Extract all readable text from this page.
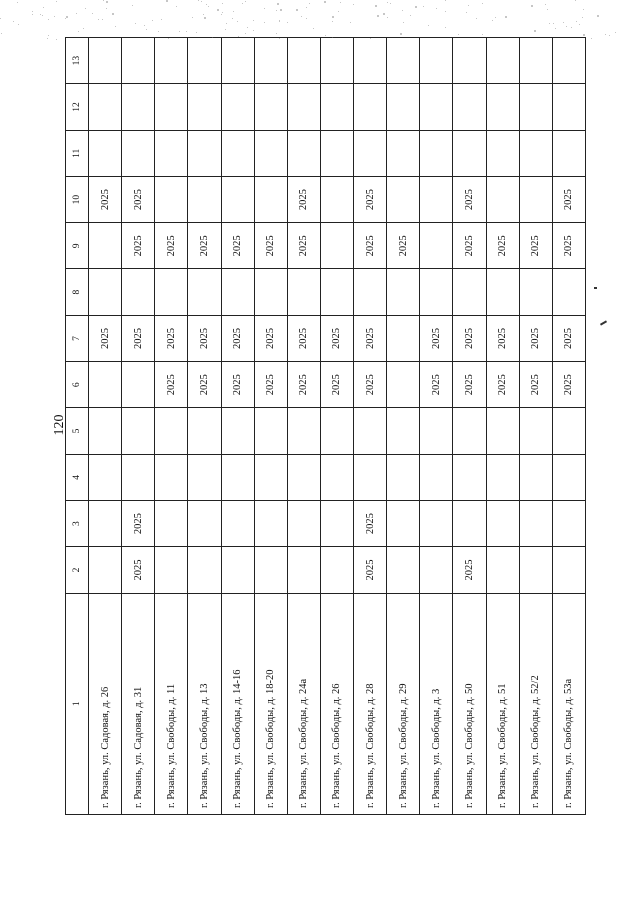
120
1	2	3	4	5	6	7	8	9	10	11	12	13
г. Рязань, ул. Садовая, д. 26						2025			2025			
г. Рязань, ул. Садовая, д. 31	2025	2025				2025		2025	2025			
г. Рязань, ул. Свободы, д. 11					2025	2025		2025				
г. Рязань, ул. Свободы, д. 13					2025	2025		2025				
г. Рязань, ул. Свободы, д. 14-16					2025	2025		2025				
г. Рязань, ул. Свободы, д. 18-20					2025	2025		2025				
г. Рязань, ул. Свободы, д. 24а					2025	2025		2025	2025			
г. Рязань, ул. Свободы, д. 26					2025	2025						
г. Рязань, ул. Свободы, д. 28	2025	2025			2025	2025		2025	2025			
г. Рязань, ул. Свободы, д. 29								2025				
г. Рязань, ул. Свободы, д. 3					2025	2025						
г. Рязань, ул. Свободы, д. 50	2025				2025	2025		2025	2025			
г. Рязань, ул. Свободы, д. 51					2025	2025		2025				
г. Рязань, ул. Свободы, д. 52/2					2025	2025		2025				
г. Рязань, ул. Свободы, д. 53а					2025	2025		2025	2025			
